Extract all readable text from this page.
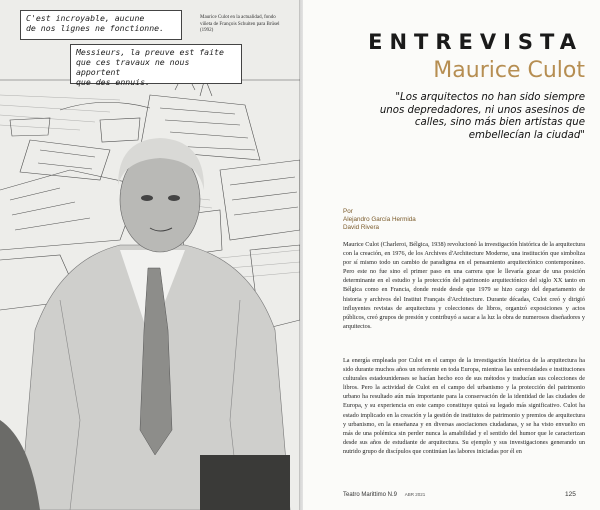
C'est incroyable, aucune
de nos lignes ne fonctionne.
Messieurs, la preuve est faite
que ces travaux ne nous apportent
que des ennuis.
Maurice Culot en la actualidad, fondo viñeta de François Schuiten para Brüsel (1992)	ENTREVISTA
Maurice Culot
"Los arquitectos no han sido siempre unos depredadores, ni unos asesinos de calles, sino más bien artistas que embellecían la ciudad"
Por
Alejandro García Hermida
David Rivera
Maurice Culot (Charleroi, Bélgica, 1938) revolucionó la investigación histórica de la arquitectura con la creación, en 1976, de los Archives d'Architecture Moderne, una institución que simboliza por sí mismo todo un cambio de paradigma en el pensamiento arquitectónico contemporáneo. Pero este no fue sino el primer paso en una carrera que le llevaría gozar de una posición determinante en el estudio y la protección del patrimonio arquitectónico del siglo XX tanto en Bélgica como en Francia, donde reside desde que 1979 se hizo cargo del departamento de historia y archivos del Institut Français d'Architecture. Durante décadas, Culot creó y dirigió influyentes revistas de arquitectura y colecciones de libros, organizó exposiciones y actos públicos, creó grupos de presión y contribuyó a sacar a la luz la obra de numerosos diseñadores y arquitectos.
La energía empleada por Culot en el campo de la investigación histórica de la arquitectura ha sido durante muchos años un referente en toda Europa, mientras las universidades e instituciones culturales estadounidenses se hacían hecho eco de sus métodos y traducían sus colecciones de libros. Pero la actividad de Culot en el campo del urbanismo y la protección del patrimonio urbano ha resultado aún más importante para la conservación de la identidad de las ciudades de Europa, y su experiencia en este campo constituye quizá su legado más significativo. Culot ha estado implicado en la creación y la gestión de institutos de patrimonio y premios de arquitectura y urbanismo, en la enseñanza y en diversas asociaciones ciudadanas, y se ha visto envuelto en más de una polémica sin perder nunca la amabilidad y el sentido del humor que le caracterizan desde sus años de estudiante de arquitectura. Su ejemplo y sus investigaciones generando un nutrido grupo de discípulos que continúan las labores iniciadas por él en
Teatro Marittimo N.9 ABR 2021	125
